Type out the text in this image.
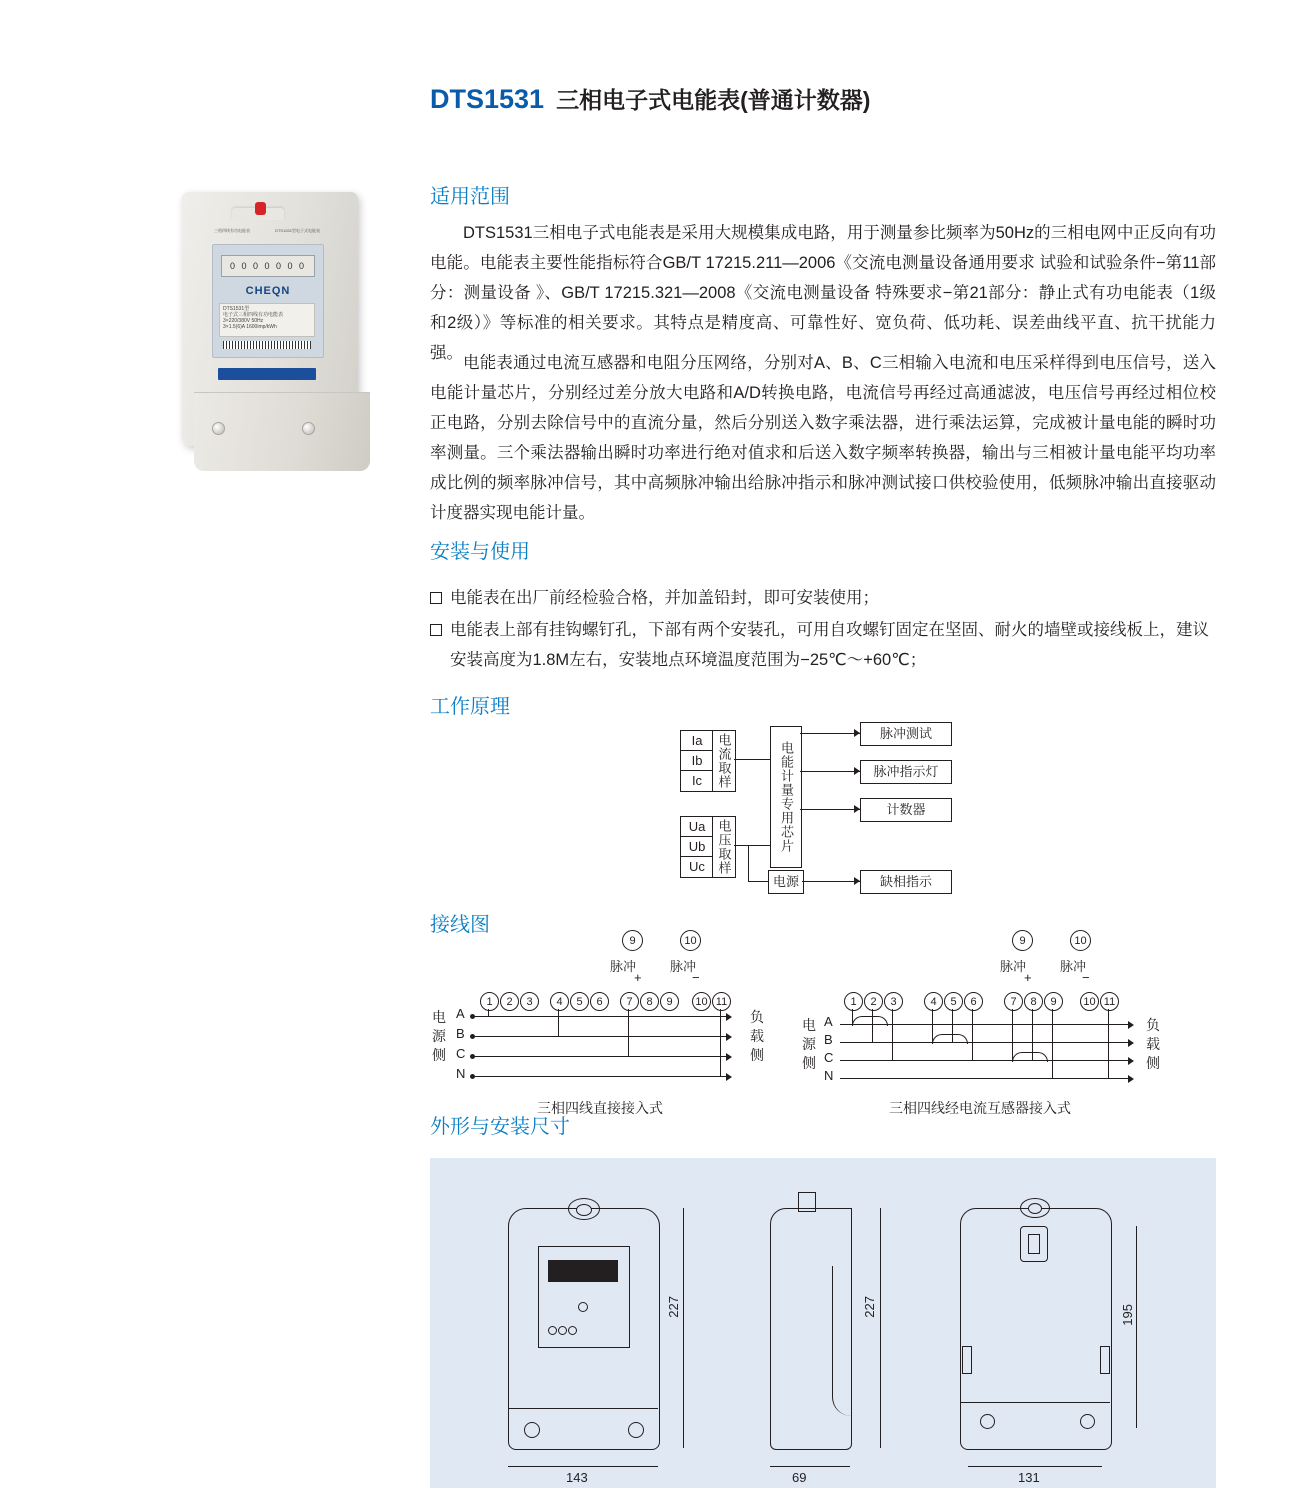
DTS1531 三相电子式电能表(普通计数器)
三相四线有功电能表	DTS1531型电子式电能表
0 0 0 0 0 0 0
CHEQN
DTS1531型
电子式三相四线有功电能表
3×220/380V 50Hz
3×1.5(6)A 1600imp/kWh
适用范围
DTS1531三相电子式电能表是采用大规模集成电路，用于测量参比频率为50Hz的三相电网中正反向有功电能。电能表主要性能指标符合GB/T 17215.211—2006《交流电测量设备通用要求 试验和试验条件−第11部分：测量设备 》、GB/T 17215.321—2008《交流电测量设备 特殊要求−第21部分：静止式有功电能表（1级和2级）》等标准的相关要求。其特点是精度高、可靠性好、宽负荷、低功耗、误差曲线平直、抗干扰能力强。
电能表通过电流互感器和电阻分压网络，分别对A、B、C三相输入电流和电压采样得到电压信号，送入电能计量芯片，分别经过差分放大电路和A/D转换电路，电流信号再经过高通滤波，电压信号再经过相位校正电路，分别去除信号中的直流分量，然后分别送入数字乘法器，进行乘法运算，完成被计量电能的瞬时功率测量。三个乘法器输出瞬时功率进行绝对值求和后送入数字频率转换器，输出与三相被计量电能平均功率成比例的频率脉冲信号，其中高频脉冲输出给脉冲指示和脉冲测试接口供校验使用，低频脉冲输出直接驱动计度器实现电能计量。
安装与使用
电能表在出厂前经检验合格，并加盖铅封，即可安装使用；
电能表上部有挂钩螺钉孔，下部有两个安装孔，可用自攻螺钉固定在坚固、耐火的墙壁或接线板上，建议安装高度为1.8M左右，安装地点环境温度范围为−25℃～+60℃；
工作原理
Ia
Ib
Ic	电流取样
Ua
Ub
Uc 电压取样	电能计量专用芯片
电源
脉冲测试
脉冲指示灯
计数器
缺相指示
接线图
9	10
脉冲	脉冲
+	−
1	2	3	4	5	6	7	8	9	10 11
电
源
侧
负
载
侧
A
B
C
N
三相四线直接接入式
9	10
脉冲	脉冲
+	−
1	2	3	4	5	6	7	8	9	10 11
电
源
侧
负
载
侧
A
B
C
N
三相四线经电流互感器接入式
外形与安装尺寸
227
143
227
69
195
131
